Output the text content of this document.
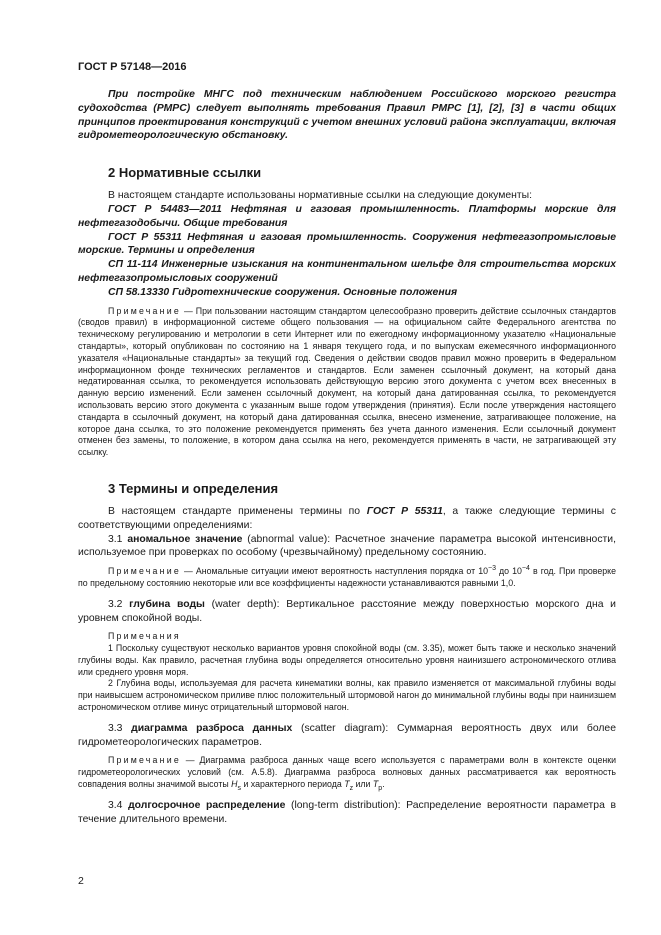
ГОСТ Р 57148—2016

При постройке МНГС под техническим наблюдением Российского морского регистра судоходства (РМРС) следует выполнять требования Правил РМРС [1], [2], [3] в части общих принципов проектирования конструкций с учетом внешних условий района эксплуатации, включая гидрометеорологическую обстановку.

2 Нормативные ссылки

В настоящем стандарте использованы нормативные ссылки на следующие документы:

ГОСТ Р 54483—2011 Нефтяная и газовая промышленность. Платформы морские для нефтегазодобычи. Общие требования

ГОСТ Р 55311 Нефтяная и газовая промышленность. Сооружения нефтегазопромысловые морские. Термины и определения

СП 11-114 Инженерные изыскания на континентальном шельфе для строительства морских нефтегазопромысловых сооружений

СП 58.13330 Гидротехнические сооружения. Основные положения

Примечание — При пользовании настоящим стандартом целесообразно проверить действие ссылочных стандартов (сводов правил) в информационной системе общего пользования — на официальном сайте Федерального агентства по техническому регулированию и метрологии в сети Интернет или по ежегодному информационному указателю «Национальные стандарты», который опубликован по состоянию на 1 января текущего года, и по выпускам ежемесячного информационного указателя «Национальные стандарты» за текущий год. Сведения о действии сводов правил можно проверить в Федеральном информационном фонде технических регламентов и стандартов. Если заменен ссылочный документ, на который дана недатированная ссылка, то рекомендуется использовать действующую версию этого документа с учетом всех внесенных в данную версию изменений. Если заменен ссылочный документ, на который дана датированная ссылка, то рекомендуется использовать версию этого документа с указанным выше годом утверждения (принятия). Если после утверждения настоящего стандарта в ссылочный документ, на который дана датированная ссылка, внесено изменение, затрагивающее положение, на которое дана ссылка, то это положение рекомендуется применять без учета данного изменения. Если ссылочный документ отменен без замены, то положение, в котором дана ссылка на него, рекомендуется применять в части, не затрагивающей эту ссылку.

3 Термины и определения

В настоящем стандарте применены термины по ГОСТ Р 55311, а также следующие термины с соответствующими определениями:

3.1 аномальное значение (abnormal value): Расчетное значение параметра высокой интенсивности, используемое при проверках по особому (чрезвычайному) предельному состоянию.

Примечание — Аномальные ситуации имеют вероятность наступления порядка от $10^{-3}$ до $10^{-4}$ в год. При проверке по предельному состоянию некоторые или все коэффициенты надежности устанавливаются равными 1,0.

3.2 глубина воды (water depth): Вертикальное расстояние между поверхностью морского дна и уровнем спокойной воды.

Примечания

1 Поскольку существуют несколько вариантов уровня спокойной воды (см. 3.35), может быть также и несколько значений глубины воды. Как правило, расчетная глубина воды определяется относительно уровня наинизшего астрономического отлива или среднего уровня моря.

2 Глубина воды, используемая для расчета кинематики волны, как правило изменяется от максимальной глубины воды при наивысшем астрономическом приливе плюс положительный штормовой нагон до минимальной глубины воды при наинизшем астрономическом отливе минус отрицательный штормовой нагон.

3.3 диаграмма разброса данных (scatter diagram): Суммарная вероятность двух или более гидрометеорологических параметров.

Примечание — Диаграмма разброса данных чаще всего используется с параметрами волн в контексте оценки гидрометеорологических условий (см. А.5.8). Диаграмма разброса волновых данных рассматривается как вероятность совпадения волны значимой высоты $H_s$ и характерного периода $T_z$ или $T_p$.

3.4 долгосрочное распределение (long-term distribution): Распределение вероятности параметра в течение длительного времени.

2
